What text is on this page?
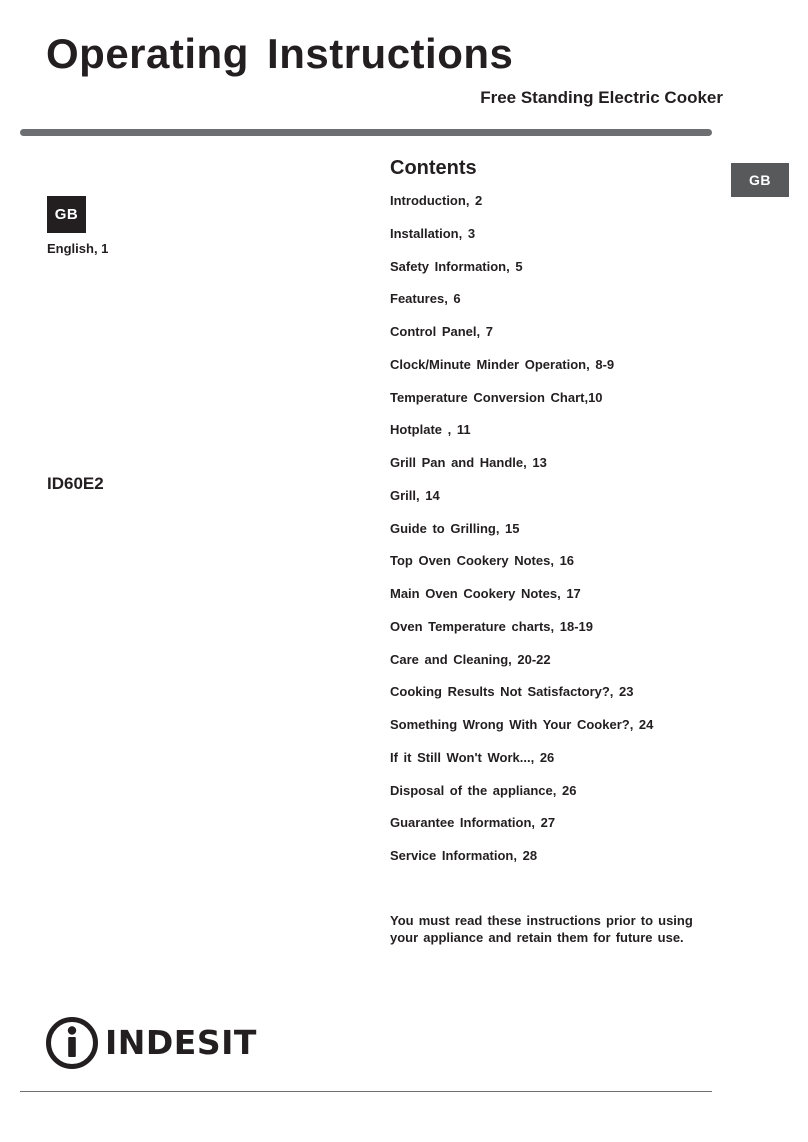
Operating Instructions
Free Standing Electric Cooker
GB
GB
English, 1
ID60E2
Contents
Introduction, 2
Installation, 3
Safety Information, 5
Features, 6
Control Panel, 7
Clock/Minute Minder Operation, 8-9
Temperature Conversion Chart,10
Hotplate , 11
Grill Pan and Handle, 13
Grill, 14
Guide to Grilling, 15
Top Oven Cookery Notes, 16
Main Oven Cookery Notes, 17
Oven Temperature charts, 18-19
Care and Cleaning, 20-22
Cooking Results Not Satisfactory?, 23
Something Wrong With Your Cooker?, 24
If it Still Won't Work..., 26
Disposal of the appliance, 26
Guarantee Information, 27
Service Information, 28
You must read these instructions prior to using your appliance and retain them for future use.
INDESIT
